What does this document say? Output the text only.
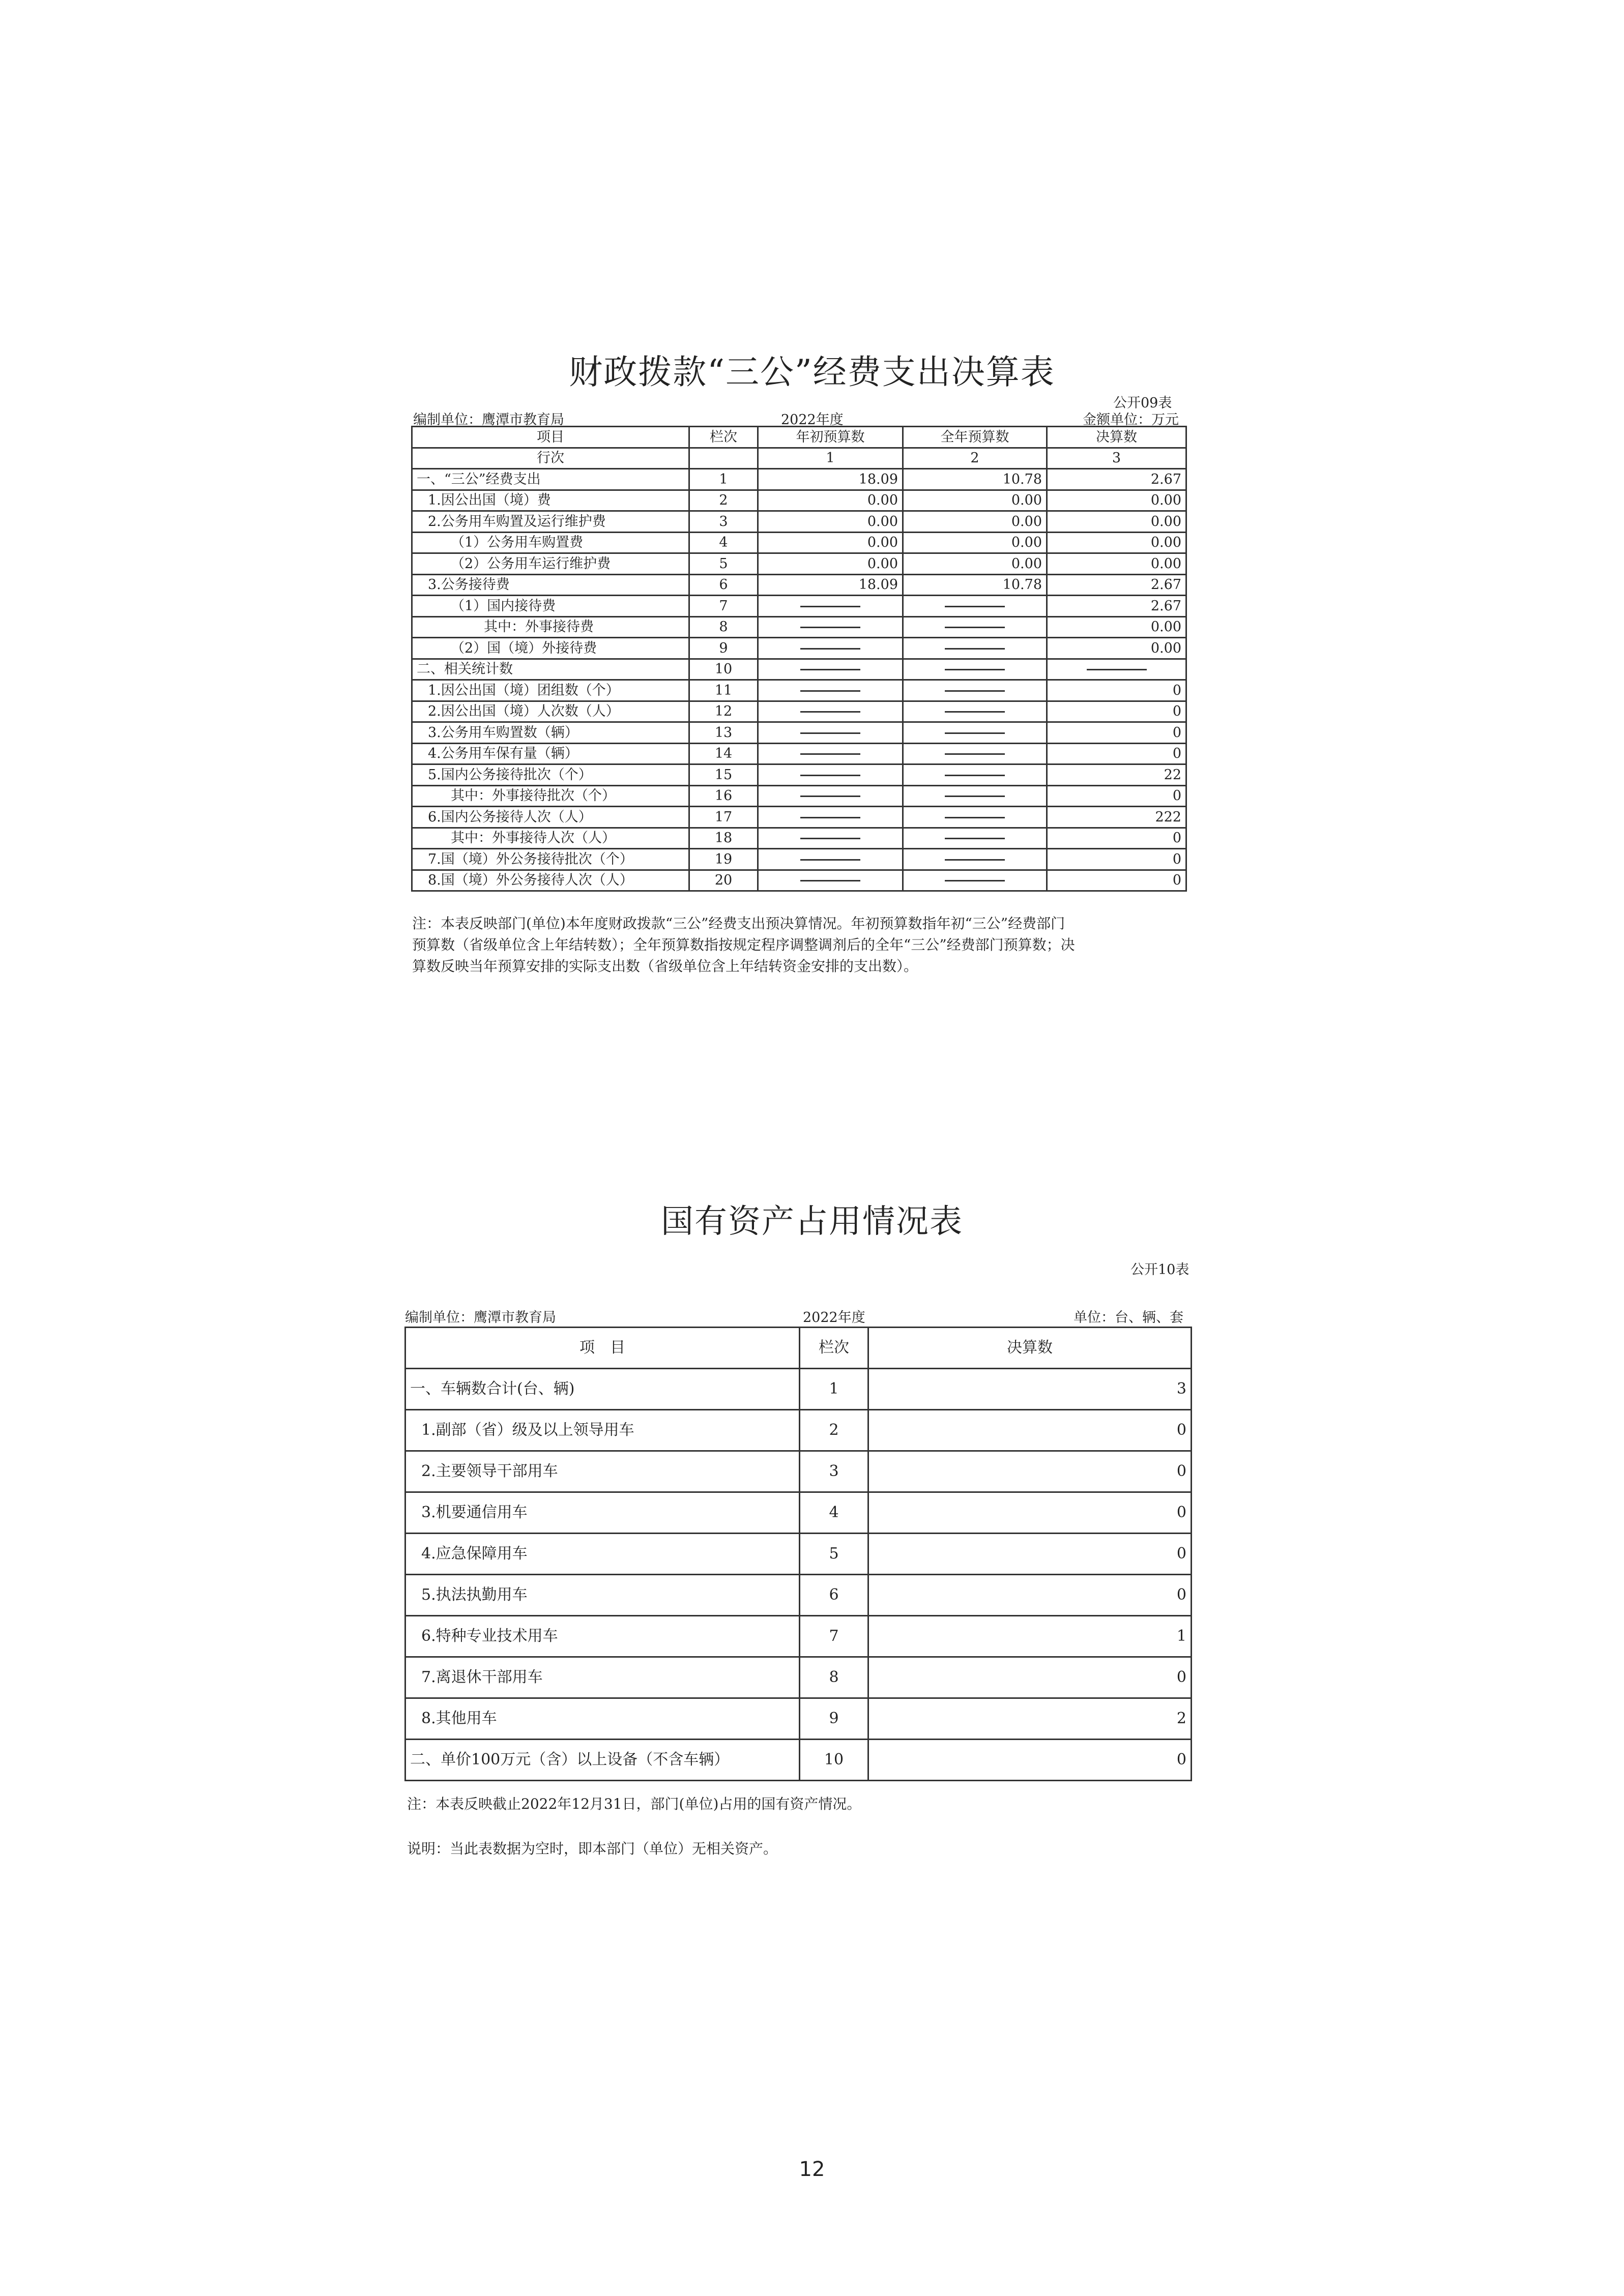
财政拨款“三公”经费支出决算表
公开09表
编制单位：鹰潭市教育局	2022年度	金额单位：万元
项目	栏次	年初预算数	全年预算数	决算数
行次		1	2	3
一、“三公”经费支出	1	18.09	10.78	2.67
1.因公出国（境）费	2	0.00	0.00	0.00
2.公务用车购置及运行维护费	3	0.00	0.00	0.00
（1）公务用车购置费	4	0.00	0.00	0.00
（2）公务用车运行维护费	5	0.00	0.00	0.00
3.公务接待费	6	18.09	10.78	2.67
（1）国内接待费	7			2.67
其中：外事接待费	8			0.00
（2）国（境）外接待费	9			0.00
二、相关统计数	10			
1.因公出国（境）团组数（个）	11			0
2.因公出国（境）人次数（人）	12			0
3.公务用车购置数（辆）	13			0
4.公务用车保有量（辆）	14			0
5.国内公务接待批次（个）	15			22
其中：外事接待批次（个）	16			0
6.国内公务接待人次（人）	17			222
其中：外事接待人次（人）	18			0
7.国（境）外公务接待批次（个）	19			0
8.国（境）外公务接待人次（人）	20			0
注：本表反映部门(单位)本年度财政拨款“三公”经费支出预决算情况。年初预算数指年初“三公”经费部门
预算数（省级单位含上年结转数）；全年预算数指按规定程序调整调剂后的全年“三公”经费部门预算数；决
算数反映当年预算安排的实际支出数（省级单位含上年结转资金安排的支出数）。
国有资产占用情况表
公开10表
编制单位：鹰潭市教育局	2022年度	单位：台、辆、套
项　目	栏次	决算数
一、车辆数合计(台、辆)	1	3
1.副部（省）级及以上领导用车	2	0
2.主要领导干部用车	3	0
3.机要通信用车	4	0
4.应急保障用车	5	0
5.执法执勤用车	6	0
6.特种专业技术用车	7	1
7.离退休干部用车	8	0
8.其他用车	9	2
二、单价100万元（含）以上设备（不含车辆）	10	0
注：本表反映截止2022年12月31日，部门(单位)占用的国有资产情况。
说明：当此表数据为空时，即本部门（单位）无相关资产。
12
